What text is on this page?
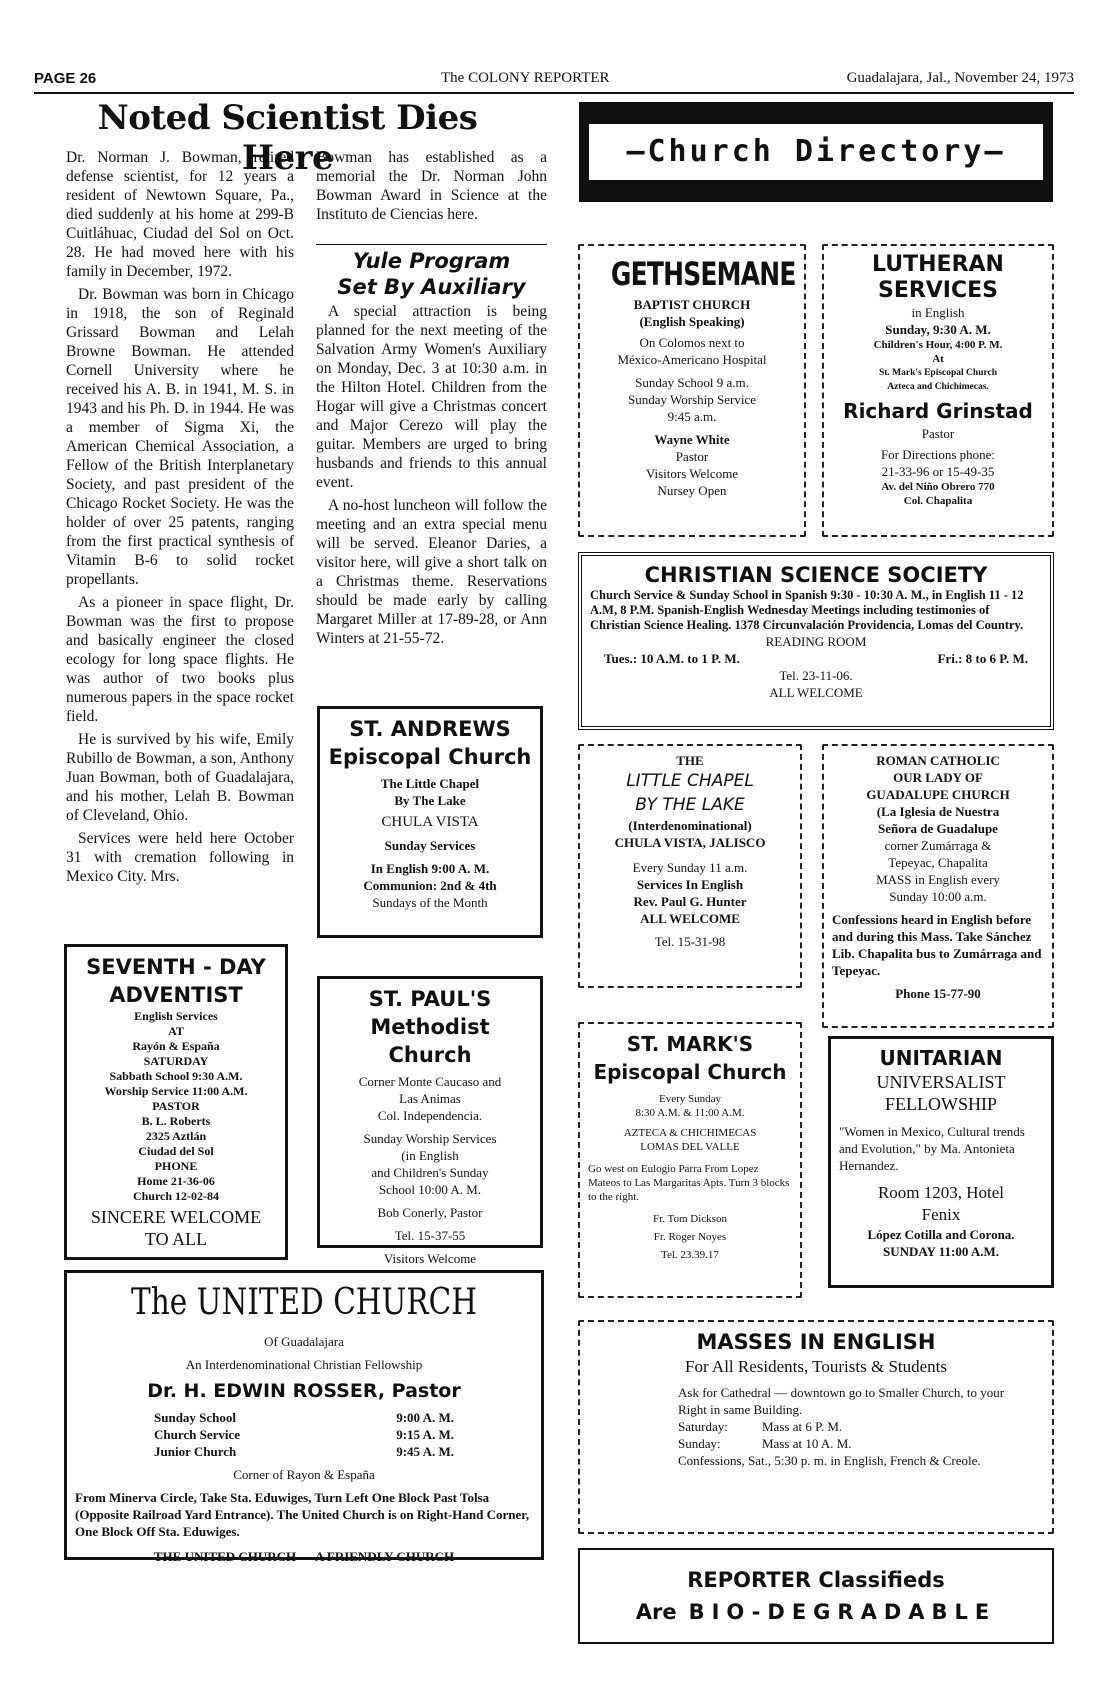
PAGE 26	The COLONY REPORTER	Guadalajara, Jal., November 24, 1973
Noted Scientist Dies Here

Dr. Norman J. Bowman, retired defense scientist, for 12 years a resident of Newtown Square, Pa., died suddenly at his home at 299-B Cuitláhuac, Ciudad del Sol on Oct. 28. He had moved here with his family in December, 1972.

Dr. Bowman was born in Chicago in 1918, the son of Reginald Grissard Bowman and Lelah Browne Bowman. He attended Cornell University where he received his A. B. in 1941, M. S. in 1943 and his Ph. D. in 1944. He was a member of Sigma Xi, the American Chemical Association, a Fellow of the British Interplanetary Society, and past president of the Chicago Rocket Society. He was the holder of over 25 patents, ranging from the first practical synthesis of Vitamin B-6 to solid rocket propellants.

As a pioneer in space flight, Dr. Bowman was the first to propose and basically engineer the closed ecology for long space flights. He was author of two books plus numerous papers in the space rocket field.

He is survived by his wife, Emily Rubillo de Bowman, a son, Anthony Juan Bowman, both of Guadalajara, and his mother, Lelah B. Bowman of Cleveland, Ohio.

Services were held here October 31 with cremation following in Mexico City. Mrs.

Bowman has established as a memorial the Dr. Norman John Bowman Award in Science at the Instituto de Ciencias here.

Yule Program
Set By Auxiliary

A special attraction is being planned for the next meeting of the Salvation Army Women's Auxiliary on Monday, Dec. 3 at 10:30 a.m. in the Hilton Hotel. Children from the Hogar will give a Christmas concert and Major Cerezo will play the guitar. Members are urged to bring husbands and friends to this annual event.

A no-host luncheon will follow the meeting and an extra special menu will be served. Eleanor Daries, a visitor here, will give a short talk on a Christmas theme. Reservations should be made early by calling Margaret Miller at 17-89-28, or Ann Winters at 21-55-72.

—Church Directory—
GETHSEMANE
BAPTIST CHURCH
(English Speaking)
On Colomos next to
México-Americano Hospital
Sunday School 9 a.m.
Sunday Worship Service
9:45 a.m.
Wayne White
Pastor
Visitors Welcome
Nursey Open
LUTHERAN
SERVICES
in English
Sunday, 9:30 A. M.
Children's Hour, 4:00 P. M.
At
St. Mark's Episcopal Church
Azteca and Chichimecas.
Richard Grinstad
Pastor
For Directions phone:
21-33-96 or 15-49-35
Av. del Niño Obrero 770
Col. Chapalita
CHRISTIAN SCIENCE SOCIETY
Church Service & Sunday School in Spanish 9:30 - 10:30 A. M., in English 11 - 12 A.M, 8 P.M. Spanish-English Wednesday Meetings including testimonies of Christian Science Healing. 1378 Circunvalación Providencia, Lomas del Country.
READING ROOM
Tues.: 10 A.M. to 1 P. M.	Fri.: 8 to 6 P. M.
Tel. 23-11-06.
ALL WELCOME
ST. ANDREWS
Episcopal Church
The Little Chapel
By The Lake
CHULA VISTA
Sunday Services
In English 9:00 A. M.
Communion: 2nd & 4th
Sundays of the Month
SEVENTH - DAY
ADVENTIST
English Services
AT
Rayón & España
SATURDAY
Sabbath School 9:30 A.M.
Worship Service 11:00 A.M.
PASTOR
B. L. Roberts
2325 Aztlán
Ciudad del Sol
PHONE
Home 21-36-06
Church 12-02-84
SINCERE WELCOME
TO ALL
ST. PAUL'S
Methodist Church
Corner Monte Caucaso and
Las Animas
Col. Independencia.
Sunday Worship Services
(in English
and Children's Sunday
School 10:00 A. M.
Bob Conerly, Pastor
Tel. 15-37-55
Visitors Welcome
THE
LITTLE CHAPEL
BY THE LAKE
(Interdenominational)
CHULA VISTA, JALISCO
Every Sunday 11 a.m.
Services In English
Rev. Paul G. Hunter
ALL WELCOME
Tel. 15-31-98
ROMAN CATHOLIC
OUR LADY OF
GUADALUPE CHURCH
(La Iglesia de Nuestra
Señora de Guadalupe
corner Zumárraga &
Tepeyac, Chapalita
MASS in English every
Sunday 10:00 a.m.
Confessions heard in English before and during this Mass. Take Sánchez Lib. Chapalita bus to Zumárraga and Tepeyac.
Phone 15-77-90
ST. MARK'S
Episcopal Church
Every Sunday
8:30 A.M. & 11:00 A.M.
AZTECA & CHICHIMECAS
LOMAS DEL VALLE
Go west on Eulogio Parra From Lopez Mateos to Las Margaritas Apts. Turn 3 blocks to the right.
Fr. Tom Dickson
Fr. Roger Noyes
Tel. 23.39.17
UNITARIAN
UNIVERSALIST
FELLOWSHIP
"Women in Mexico, Cultural trends and Evolution," by Ma. Antonieta Hernandez.
Room 1203, Hotel
Fenix
López Cotilla and Corona.
SUNDAY 11:00 A.M.
The UNITED CHURCH
Of Guadalajara
An Interdenominational Christian Fellowship
Dr. H. EDWIN ROSSER, Pastor
Sunday School	9:00 A. M.
Church Service	9:15 A. M.
Junior Church	9:45 A. M.
Corner of Rayon & España
From Minerva Circle, Take Sta. Eduwiges, Turn Left One Block Past Tolsa (Opposite Railroad Yard Entrance). The United Church is on Right-Hand Corner, One Block Off Sta. Eduwiges.
THE UNITED CHURCH — A FRIENDLY CHURCH
MASSES IN ENGLISH
For All Residents, Tourists & Students
Ask for Cathedral — downtown go to Smaller Church, to your Right in same Building.
Saturday:	Mass at 6 P. M.
Sunday:	Mass at 10 A. M.
Confessions, Sat., 5:30 p. m. in English, French & Creole.
REPORTER Classifieds
Are BIO-DEGRADABLE
